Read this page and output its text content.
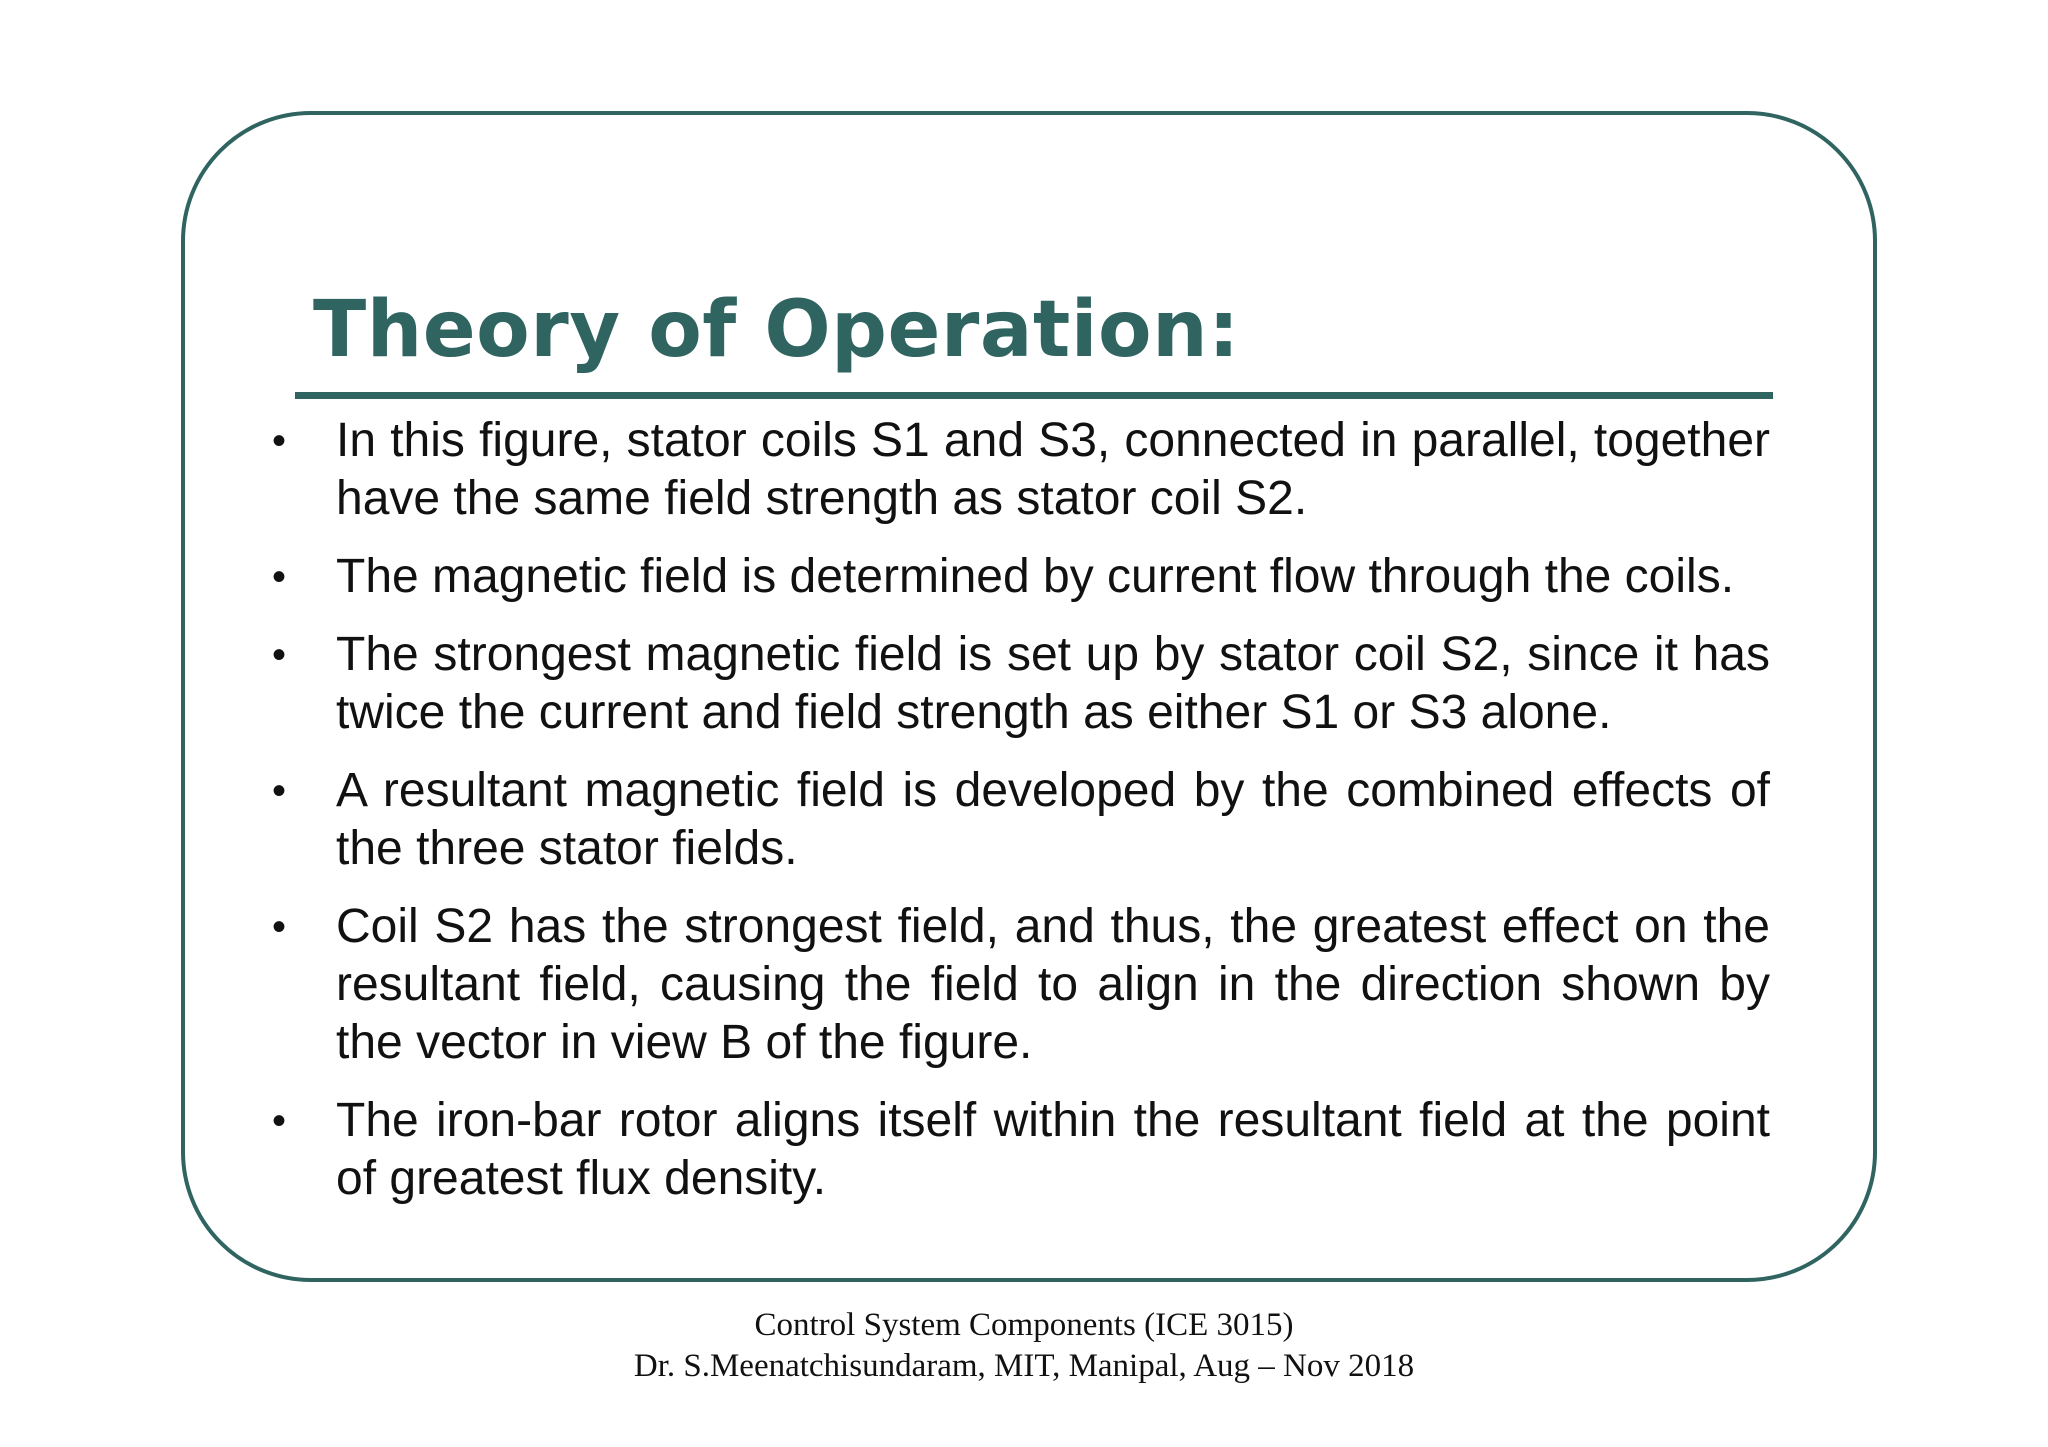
Theory of Operation:
• In this figure, stator coils S1 and S3, connected in parallel, together have the same field strength as stator coil S2.
• The magnetic field is determined by current flow through the coils.
• The strongest magnetic field is set up by stator coil S2, since it has twice the current and field strength as either S1 or S3 alone.
• A resultant magnetic field is developed by the combined effects of the three stator fields.
• Coil S2 has the strongest field, and thus, the greatest effect on the resultant field, causing the field to align in the direction shown by the vector in view B of the figure.
• The iron-bar rotor aligns itself within the resultant field at the point of greatest flux density.
Control System Components (ICE 3015)
Dr. S.Meenatchisundaram, MIT, Manipal, Aug – Nov 2018
